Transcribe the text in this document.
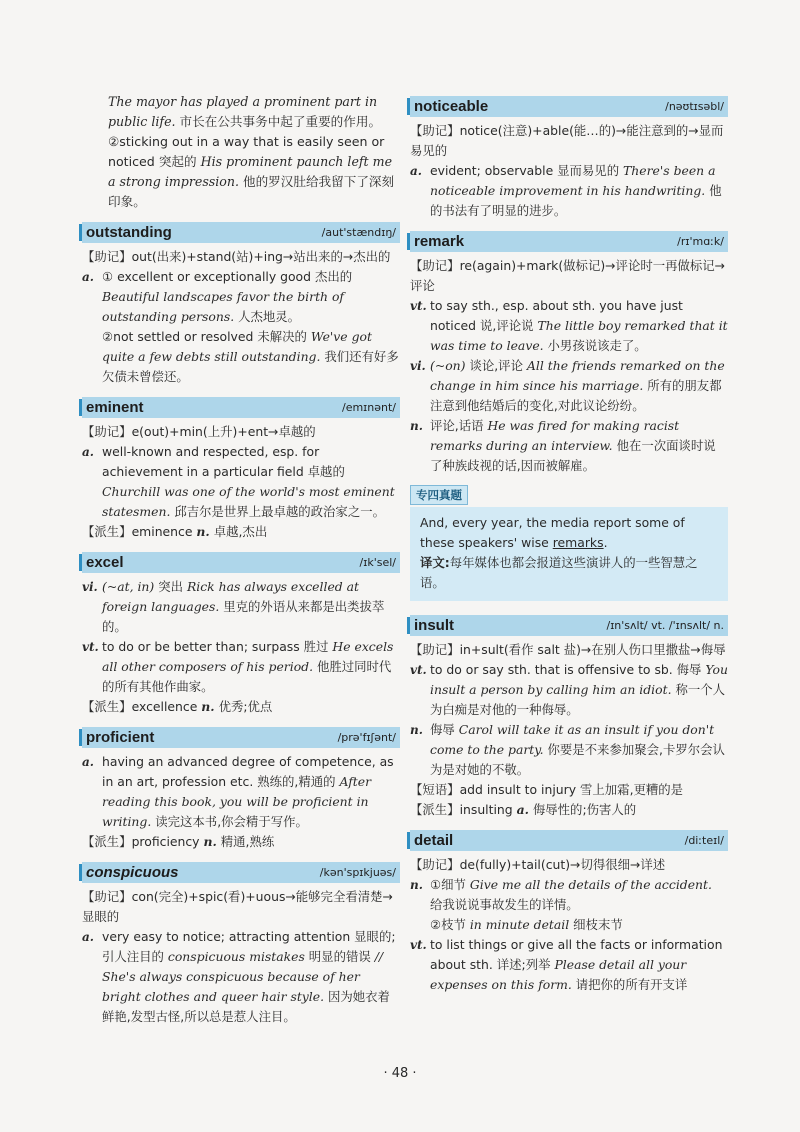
The mayor has played a prominent part in public life. 市长在公共事务中起了重要的作用。

②sticking out in a way that is easily seen or noticed 突起的 His prominent paunch left me a strong impression. 他的罗汉肚给我留下了深刻印象。

outstanding	/aut'stændɪŋ/
【助记】out(出来)+stand(站)+ing→站出来的→杰出的
a. ① excellent or exceptionally good 杰出的 Beautiful landscapes favor the birth of outstanding persons. 人杰地灵。
②not settled or resolved 未解决的 We've got quite a few debts still outstanding. 我们还有好多欠债未曾偿还。
eminent	/emɪnənt/
【助记】e(out)+min(上升)+ent→卓越的
a. well-known and respected, esp. for achievement in a particular field 卓越的 Churchill was one of the world's most eminent statesmen. 邱吉尔是世界上最卓越的政治家之一。
【派生】eminence n. 卓越,杰出
excel	/ɪk'sel/
vi. (~at, in) 突出 Rick has always excelled at foreign languages. 里克的外语从来都是出类拔萃的。
vt. to do or be better than; surpass 胜过 He excels all other composers of his period. 他胜过同时代的所有其他作曲家。
【派生】excellence n. 优秀;优点
proficient	/prə'fɪʃənt/
a. having an advanced degree of competence, as in an art, profession etc. 熟练的,精通的 After reading this book, you will be proficient in writing. 读完这本书,你会精于写作。
【派生】proficiency n. 精通,熟练
conspicuous	/kən'spɪkjuəs/
【助记】con(完全)+spic(看)+uous→能够完全看清楚→显眼的
a. very easy to notice; attracting attention 显眼的;引人注目的 conspicuous mistakes 明显的错误 // She's always conspicuous because of her bright clothes and queer hair style. 因为她衣着鲜艳,发型古怪,所以总是惹人注目。
noticeable	/nəʊtɪsəbl/
【助记】notice(注意)+able(能…的)→能注意到的→显而易见的
a. evident; observable 显而易见的 There's been a noticeable improvement in his handwriting. 他的书法有了明显的进步。
remark	/rɪ'mɑːk/
【助记】re(again)+mark(做标记)→评论时一再做标记→评论
vt. to say sth., esp. about sth. you have just noticed 说,评论说 The little boy remarked that it was time to leave. 小男孩说该走了。
vi. (~on) 谈论,评论 All the friends remarked on the change in him since his marriage. 所有的朋友都注意到他结婚后的变化,对此议论纷纷。
n. 评论,话语 He was fired for making racist remarks during an interview. 他在一次面谈时说了种族歧视的话,因而被解雇。
专四真题
And, every year, the media report some of these speakers' wise remarks.
译文:每年媒体也都会报道这些演讲人的一些智慧之语。
insult	/ɪn'sʌlt/ vt. /'ɪnsʌlt/ n.
【助记】in+sult(看作 salt 盐)→在别人伤口里撒盐→侮辱
vt. to do or say sth. that is offensive to sb. 侮辱 You insult a person by calling him an idiot. 称一个人为白痴是对他的一种侮辱。
n. 侮辱 Carol will take it as an insult if you don't come to the party. 你要是不来参加聚会,卡罗尔会认为是对她的不敬。
【短语】add insult to injury 雪上加霜,更糟的是
【派生】insulting a. 侮辱性的;伤害人的
detail	/diːteɪl/
【助记】de(fully)+tail(cut)→切得很细→详述
n. ①细节 Give me all the details of the accident. 给我说说事故发生的详情。
②枝节 in minute detail 细枝末节
vt. to list things or give all the facts or information about sth. 详述;列举 Please detail all your expenses on this form. 请把你的所有开支详
· 48 ·
